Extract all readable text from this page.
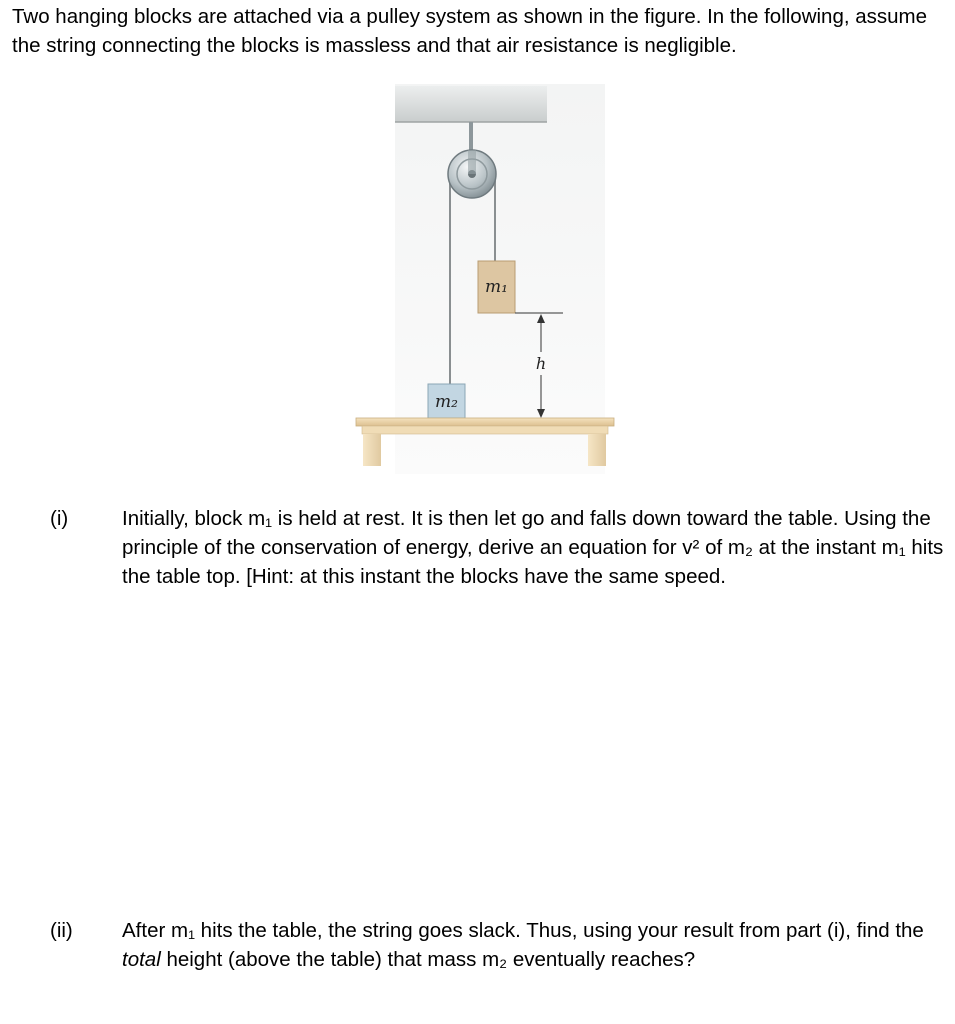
Two hanging blocks are attached via a pulley system as shown in the figure. In the following, assume the string connecting the blocks is massless and that air resistance is negligible.

m₁
h
m₂
(i)	Initially, block m₁ is held at rest. It is then let go and falls down toward the table. Using the principle of the conservation of energy, derive an equation for v² of m₂ at the instant m₁ hits the table top. [Hint: at this instant the blocks have the same speed.

(ii) After m₁ hits the table, the string goes slack. Thus, using your result from part (i), find the total height (above the table) that mass m₂ eventually reaches?
